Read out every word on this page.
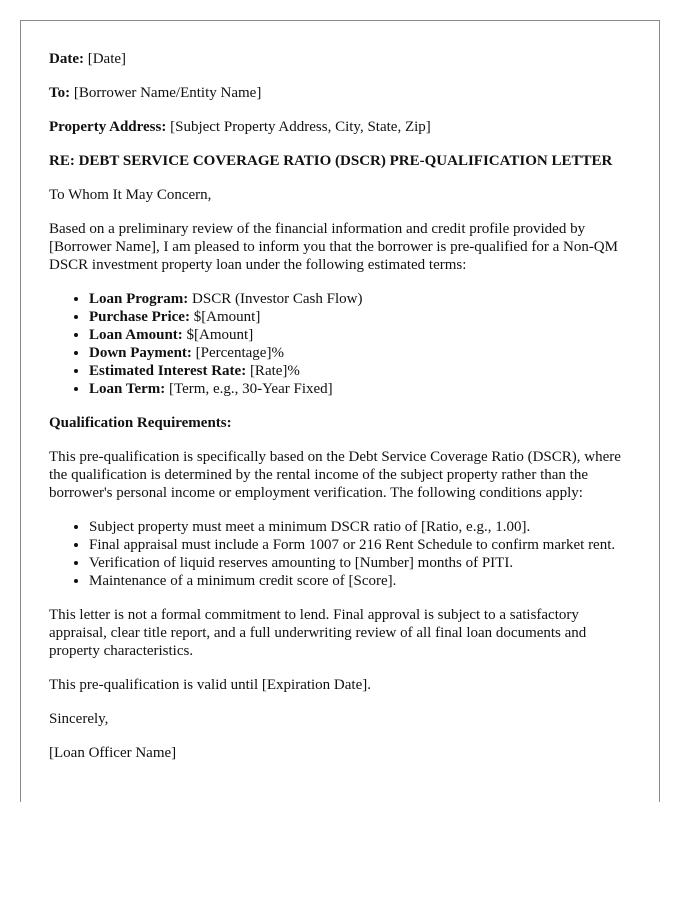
Date: [Date]

To: [Borrower Name/Entity Name]

Property Address: [Subject Property Address, City, State, Zip]

RE: DEBT SERVICE COVERAGE RATIO (DSCR) PRE-QUALIFICATION LETTER

To Whom It May Concern,

Based on a preliminary review of the financial information and credit profile provided by [Borrower Name], I am pleased to inform you that the borrower is pre-qualified for a Non-QM DSCR investment property loan under the following estimated terms:

• Loan Program: DSCR (Investor Cash Flow)
• Purchase Price: $[Amount]
• Loan Amount: $[Amount]
• Down Payment: [Percentage]%
• Estimated Interest Rate: [Rate]%
• Loan Term: [Term, e.g., 30-Year Fixed]

Qualification Requirements:

This pre-qualification is specifically based on the Debt Service Coverage Ratio (DSCR), where the qualification is determined by the rental income of the subject property rather than the borrower's personal income or employment verification. The following conditions apply:

• Subject property must meet a minimum DSCR ratio of [Ratio, e.g., 1.00].
• Final appraisal must include a Form 1007 or 216 Rent Schedule to confirm market rent.
• Verification of liquid reserves amounting to [Number] months of PITI.
• Maintenance of a minimum credit score of [Score].

This letter is not a formal commitment to lend. Final approval is subject to a satisfactory appraisal, clear title report, and a full underwriting review of all final loan documents and property characteristics.

This pre-qualification is valid until [Expiration Date].

Sincerely,

[Loan Officer Name]
